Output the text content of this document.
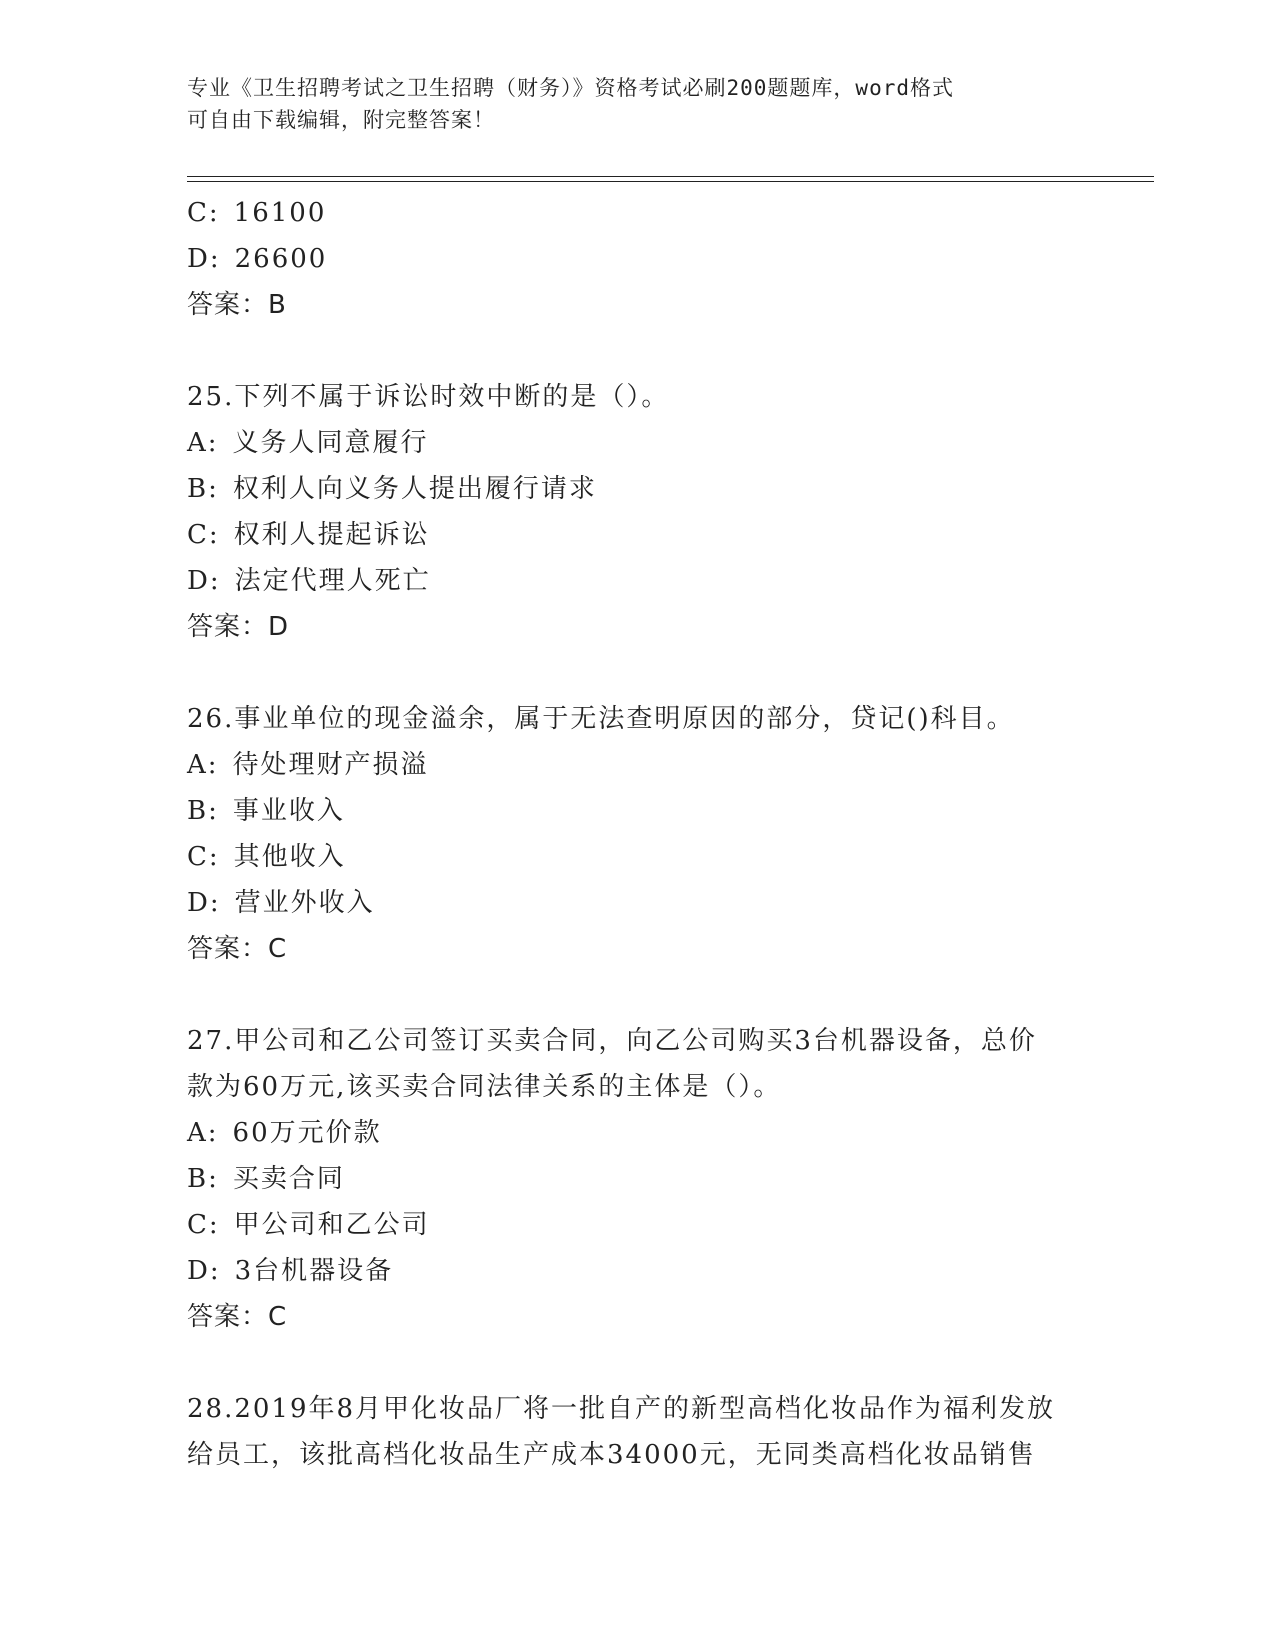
专业《卫生招聘考试之卫生招聘（财务）》资格考试必刷200题题库，word格式
可自由下载编辑，附完整答案！
C: 16100
D: 26600
答案：B
25.下列不属于诉讼时效中断的是（）。
A: 义务人同意履行
B: 权利人向义务人提出履行请求
C: 权利人提起诉讼
D: 法定代理人死亡
答案：D
26.事业单位的现金溢余，属于无法查明原因的部分，贷记()科目。
A: 待处理财产损溢
B: 事业收入
C: 其他收入
D: 营业外收入
答案：C
27.甲公司和乙公司签订买卖合同，向乙公司购买3台机器设备，总价
款为60万元,该买卖合同法律关系的主体是（）。
A: 60万元价款
B: 买卖合同
C: 甲公司和乙公司
D: 3台机器设备
答案：C
28.2019年8月甲化妆品厂将一批自产的新型高档化妆品作为福利发放
给员工，该批高档化妆品生产成本34000元，无同类高档化妆品销售
